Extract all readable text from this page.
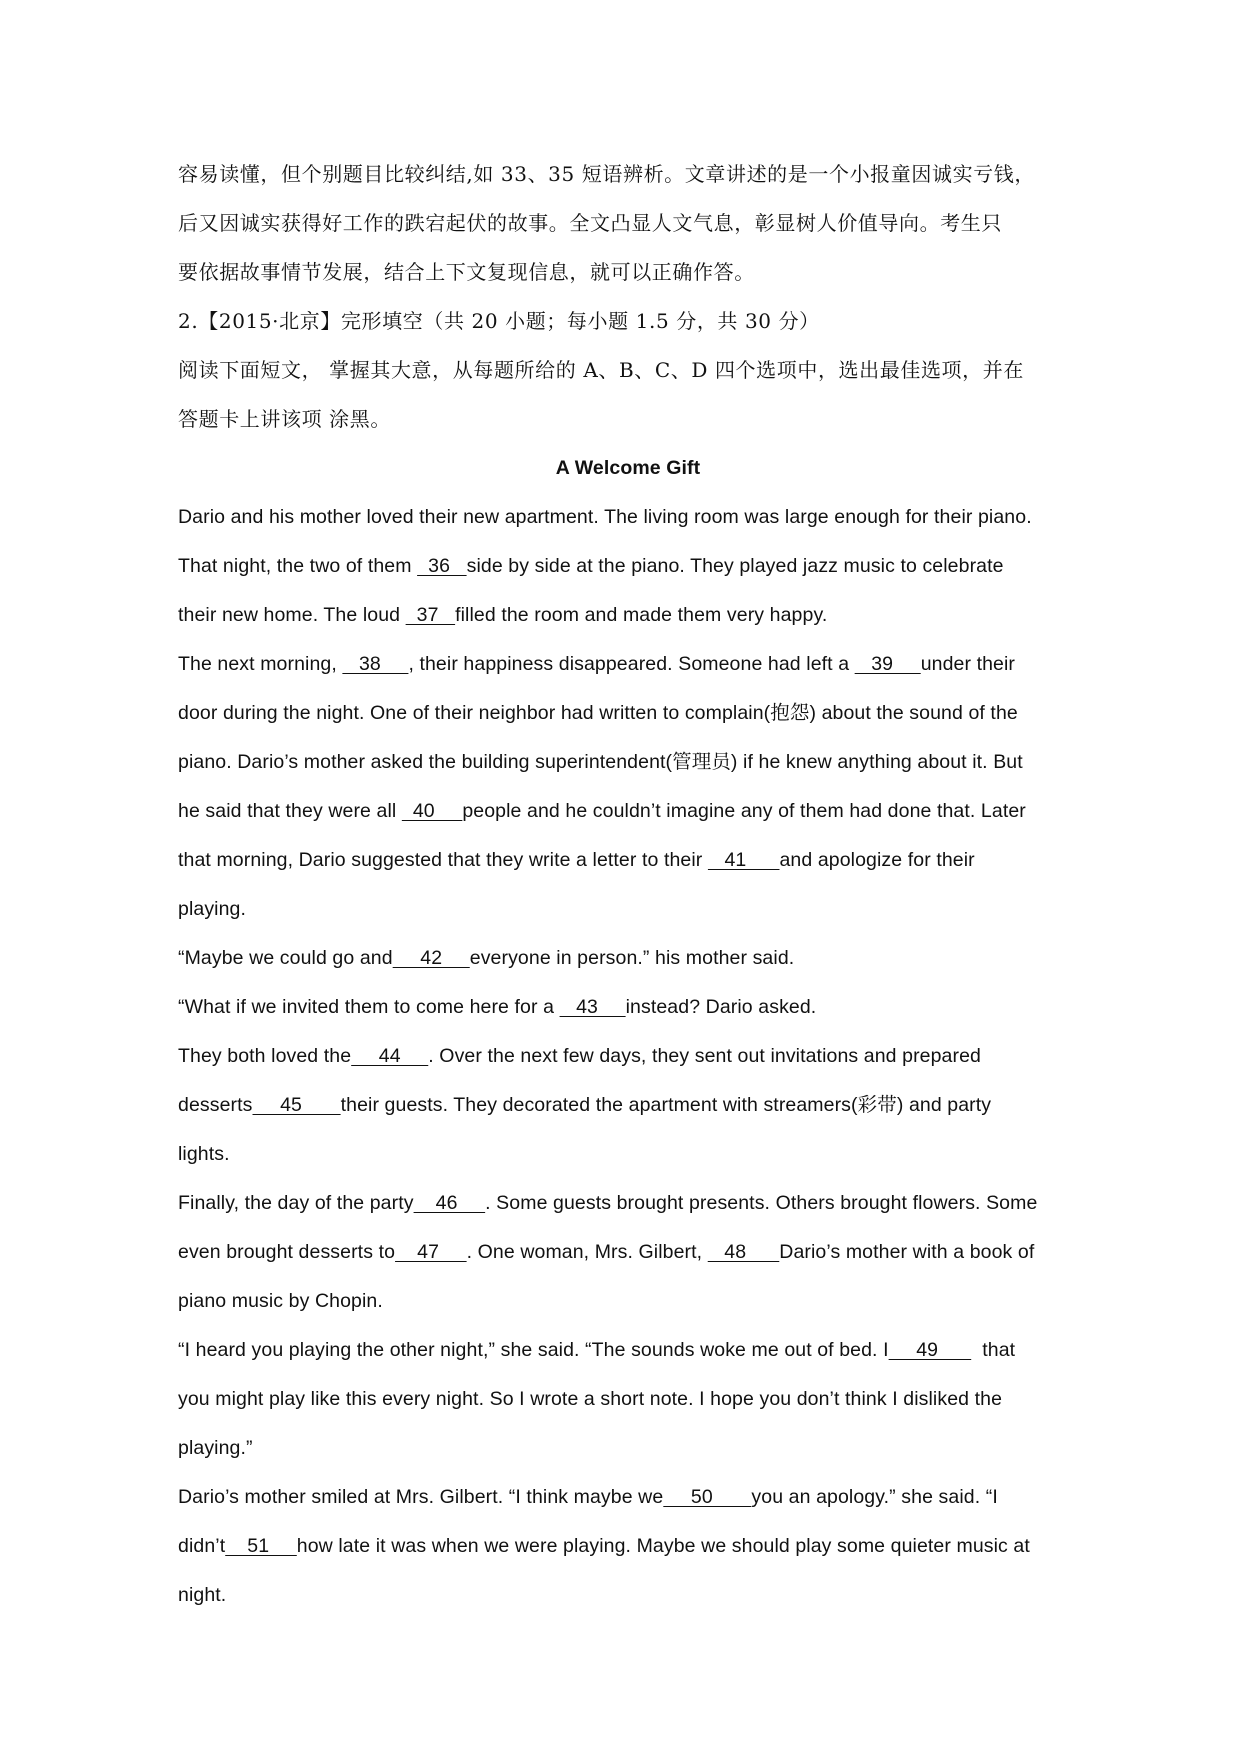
容易读懂，但个别题目比较纠结,如 33、35 短语辨析。文章讲述的是一个小报童因诚实亏钱，
后又因诚实获得好工作的跌宕起伏的故事。全文凸显人文气息，彰显树人价值导向。考生只
要依据故事情节发展，结合上下文复现信息，就可以正确作答。
2.【2015·北京】完形填空（共 20 小题；每小题 1.5 分，共 30 分）
阅读下面短文， 掌握其大意，从每题所给的 A、B、C、D 四个选项中，选出最佳选项，并在
答题卡上讲该项 涂黑。
A Welcome Gift
Dario and his mother loved their new apartment. The living room was large enough for their piano.
That night, the two of them   36   side by side at the piano. They played jazz music to celebrate
their new home. The loud   37   filled the room and made them very happy.
The next morning,    38     , their happiness disappeared. Someone had left a    39     under their
door during the night. One of their neighbor had written to complain(抱怨) about the sound of the
piano. Dario’s mother asked the building superintendent(管理员) if he knew anything about it. But
he said that they were all   40     people and he couldn’t imagine any of them had done that. Later
that morning, Dario suggested that they write a letter to their    41      and apologize for their
playing.
“Maybe we could go and     42     everyone in person.” his mother said.
“What if we invited them to come here for a    43     instead? Dario asked.
They both loved the     44     . Over the next few days, they sent out invitations and prepared
desserts     45       their guests. They decorated the apartment with streamers(彩带) and party
lights.
Finally, the day of the party    46     . Some guests brought presents. Others brought flowers. Some
even brought desserts to    47     . One woman, Mrs. Gilbert,    48      Dario’s mother with a book of
piano music by Chopin.
“I heard you playing the other night,” she said. “The sounds woke me out of bed. I     49        that
you might play like this every night. So I wrote a short note. I hope you don’t think I disliked the
playing.”
Dario’s mother smiled at Mrs. Gilbert. “I think maybe we     50       you an apology.” she said. “I
didn’t    51     how late it was when we were playing. Maybe we should play some quieter music at
night.
